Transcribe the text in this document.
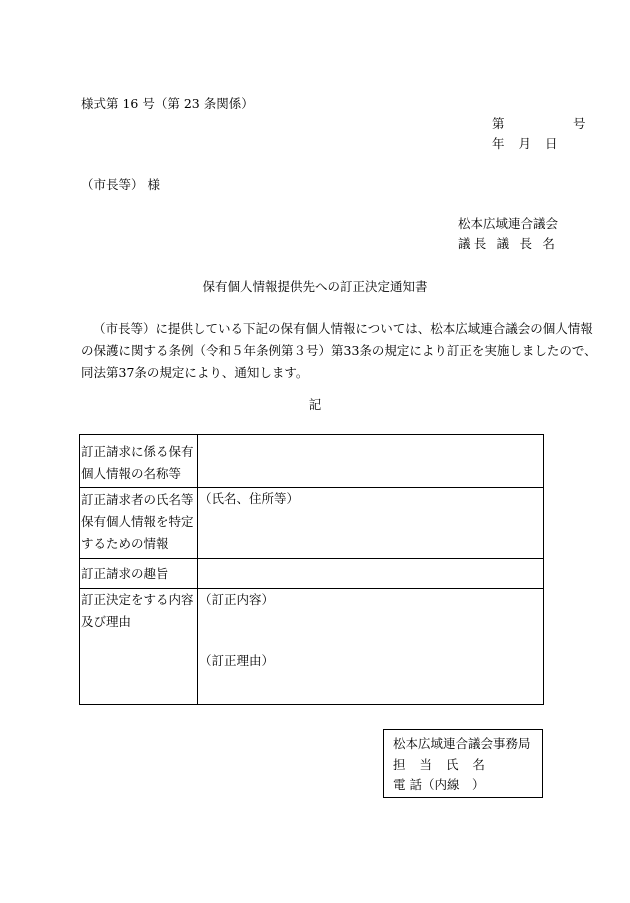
様式第 16 号（第 23 条関係）
第　号
年 月 日
（市長等） 様
松本広域連合議会
議長 議 長 名
保有個人情報提供先への訂正決定通知書
（市長等）に提供している下記の保有個人情報については、松本広域連合議会の個人情報
の保護に関する条例（令和５年条例第３号）第33条の規定により訂正を実施しましたので、
同法第37条の規定により、通知します。
記
訂正請求に係る保有個人情報の名称等	

訂正請求者の氏名等保有個人情報を特定するための情報	（氏名、住所等）

訂正請求の趣旨	

訂正決定をする内容及び理由	（訂正内容）
（訂正理由）
松本広域連合議会事務局
担 当 氏 名
電 話（内線　）
